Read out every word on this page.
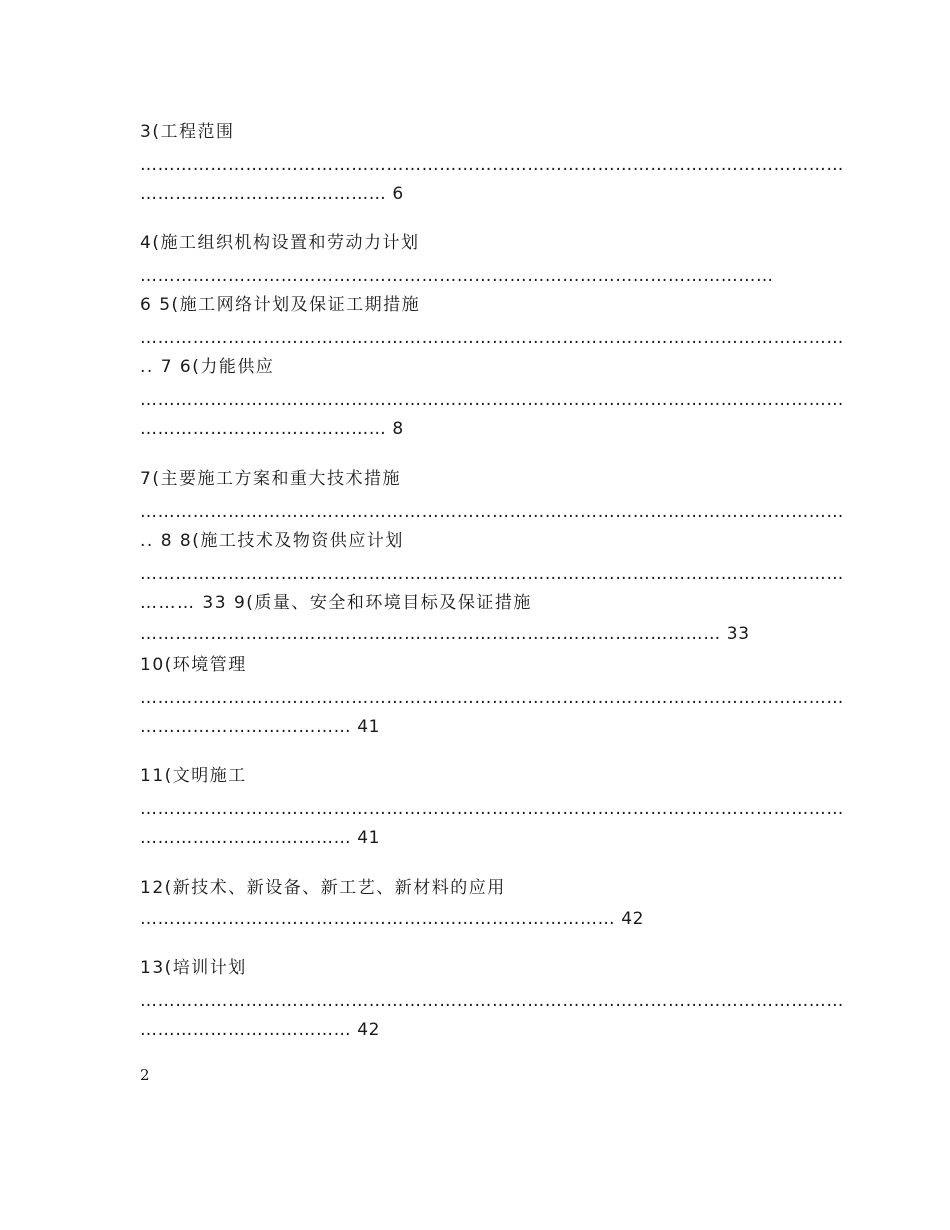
3(工程范围
…………………………………………………………………………………………………………
…………………………………… 6
4(施工组织机构设置和劳动力计划
………………………………………………………………………………………………
6 5(施工网络计划及保证工期措施
…………………………………………………………………………………………………………
.. 7 6(力能供应
…………………………………………………………………………………………………………
…………………………………… 8
7(主要施工方案和重大技术措施
…………………………………………………………………………………………………………
.. 8 8(施工技术及物资供应计划
…………………………………………………………………………………………………………
……… 33 9(质量、安全和环境目标及保证措施
……………………………………………………………………………………… 33
10(环境管理
…………………………………………………………………………………………………………
……………………………… 41
11(文明施工
…………………………………………………………………………………………………………
……………………………… 41
12(新技术、新设备、新工艺、新材料的应用
……………………………………………………………………… 42
13(培训计划
…………………………………………………………………………………………………………
……………………………… 42
2
